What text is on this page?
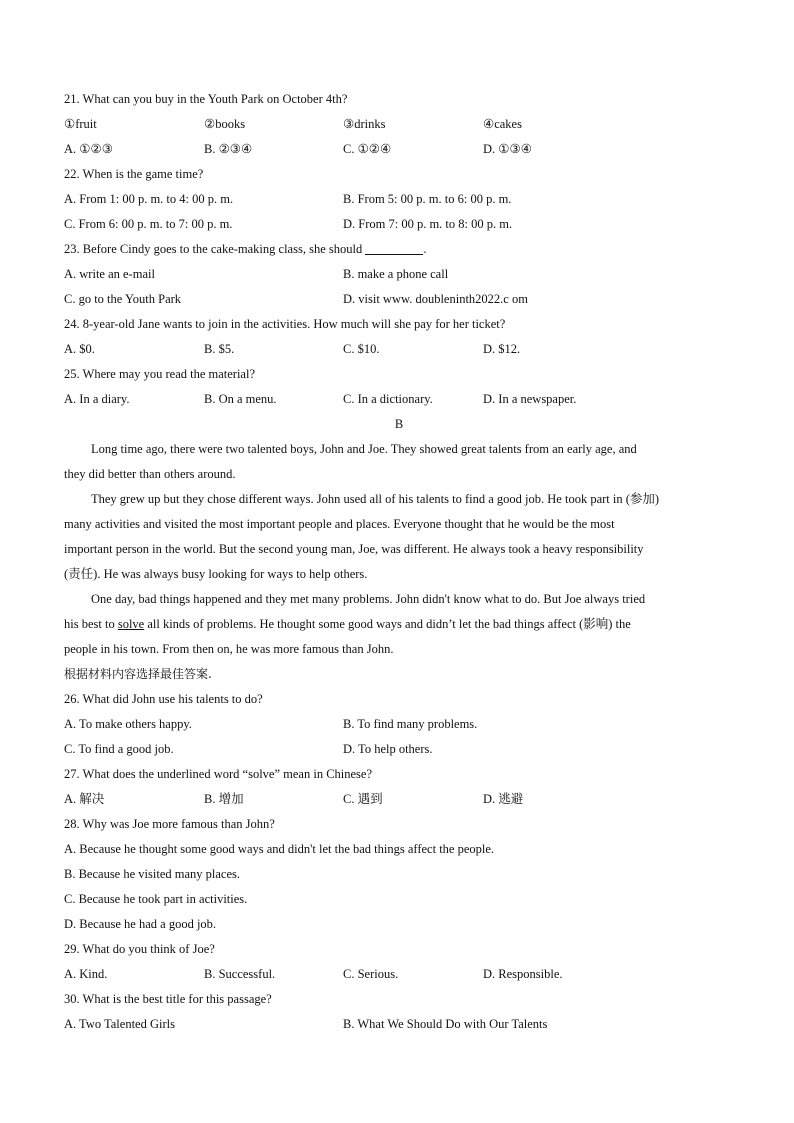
21. What can you buy in the Youth Park on October 4th?
①fruit	②books	③drinks	④cakes
A. ①②③	B. ②③④	C. ①②④	D. ①③④
22. When is the game time?
A. From 1: 00 p. m. to 4: 00 p. m.	B. From 5: 00 p. m. to 6: 00 p. m.
C. From 6: 00 p. m. to 7: 00 p. m.	D. From 7: 00 p. m. to 8: 00 p. m.
23. Before Cindy goes to the cake-making class, she should	.
A. write an e-mail	B. make a phone call
C. go to the Youth Park	D. visit www. doubleninth2022.c om
24. 8-year-old Jane wants to join in the activities. How much will she pay for her ticket?
A. $0.	B. $5.	C. $10.	D. $12.
25. Where may you read the material?
A. In a diary.	B. On a menu.	C. In a dictionary.	D. In a newspaper.
B
Long time ago, there were two talented boys, John and Joe. They showed great talents from an early age, and
they did better than others around.
They grew up but they chose different ways. John used all of his talents to find a good job. He took part in (参加)
many activities and visited the most important people and places. Everyone thought that he would be the most
important person in the world. But the second young man, Joe, was different. He always took a heavy responsibility
(责任). He was always busy looking for ways to help others.
One day, bad things happened and they met many problems. John didn't know what to do. But Joe always tried
his best to solve all kinds of problems. He thought some good ways and didn’t let the bad things affect (影响) the
people in his town. From then on, he was more famous than John.
根据材料内容选择最佳答案.
26. What did John use his talents to do?
A. To make others happy.	B. To find many problems.
C. To find a good job.	D. To help others.
27. What does the underlined word “solve” mean in Chinese?
A. 解决	B. 增加	C. 遇到	D. 逃避
28. Why was Joe more famous than John?
A. Because he thought some good ways and didn't let the bad things affect the people.
B. Because he visited many places.
C. Because he took part in activities.
D. Because he had a good job.
29. What do you think of Joe?
A. Kind.	B. Successful.	C. Serious.	D. Responsible.
30. What is the best title for this passage?
A. Two Talented Girls	B. What We Should Do with Our Talents
